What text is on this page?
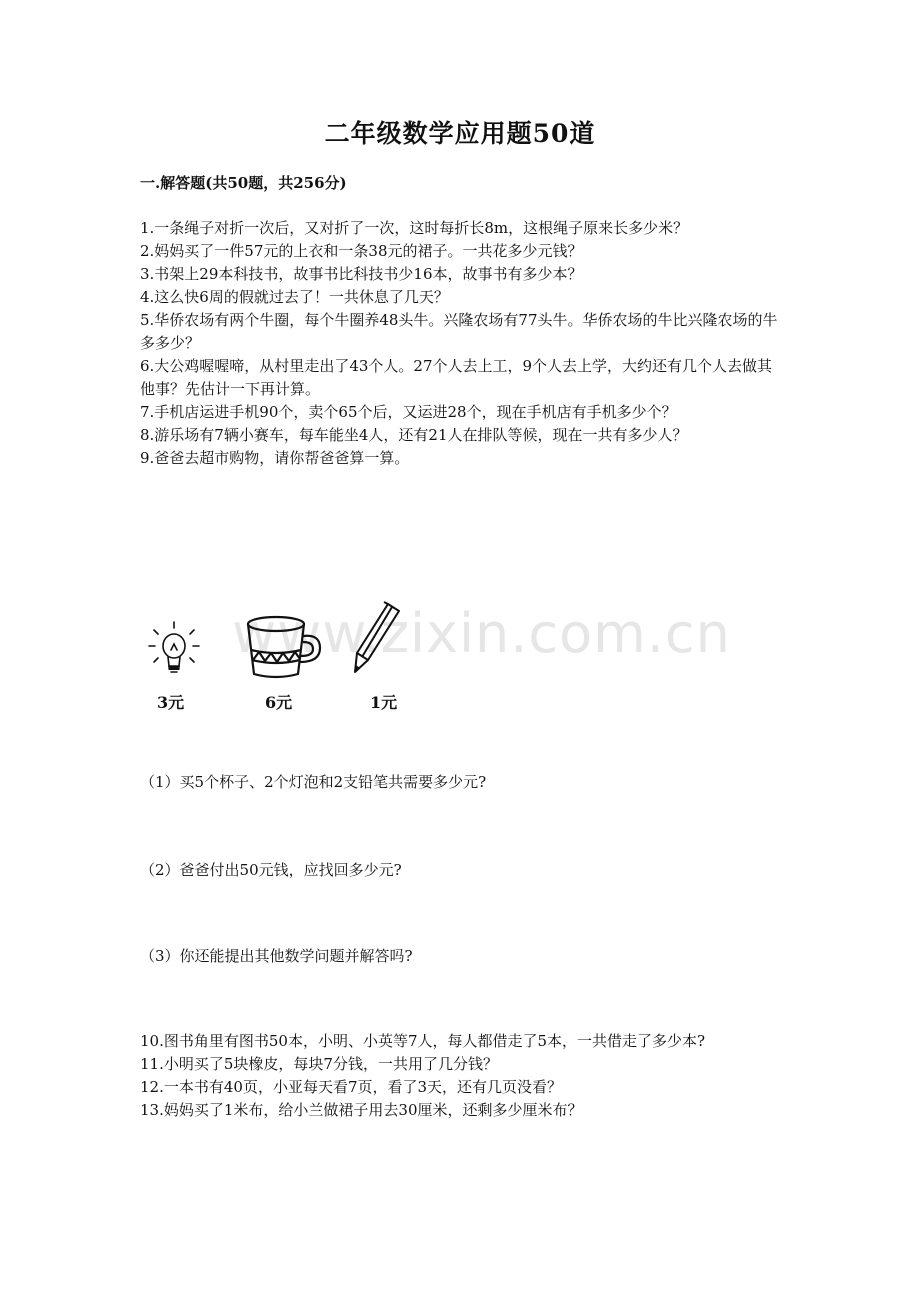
二年级数学应用题50道
一.解答题(共50题，共256分)

1.一条绳子对折一次后，又对折了一次，这时每折长8m，这根绳子原来长多少米？

2.妈妈买了一件57元的上衣和一条38元的裙子。一共花多少元钱？

3.书架上29本科技书，故事书比科技书少16本，故事书有多少本？

4.这么快6周的假就过去了！一共休息了几天？

5.华侨农场有两个牛圈，每个牛圈养48头牛。兴隆农场有77头牛。华侨农场的牛比兴隆农场的牛多多少？

6.大公鸡喔喔啼，从村里走出了43个人。27个人去上工，9个人去上学，大约还有几个人去做其他事？先估计一下再计算。

7.手机店运进手机90个，卖个65个后，又运进28个，现在手机店有手机多少个？

8.游乐场有7辆小赛车，每车能坐4人，还有21人在排队等候，现在一共有多少人？

9.爸爸去超市购物，请你帮爸爸算一算。

www.zixin.com.cn
3元	6元	1元
（1）买5个杯子、2个灯泡和2支铅笔共需要多少元?
（2）爸爸付出50元钱，应找回多少元?
（3）你还能提出其他数学问题并解答吗?

10.图书角里有图书50本，小明、小英等7人，每人都借走了5本，一共借走了多少本?

11.小明买了5块橡皮，每块7分钱，一共用了几分钱？

12.一本书有40页，小亚每天看7页，看了3天，还有几页没看？

13.妈妈买了1米布，给小兰做裙子用去30厘米，还剩多少厘米布？
